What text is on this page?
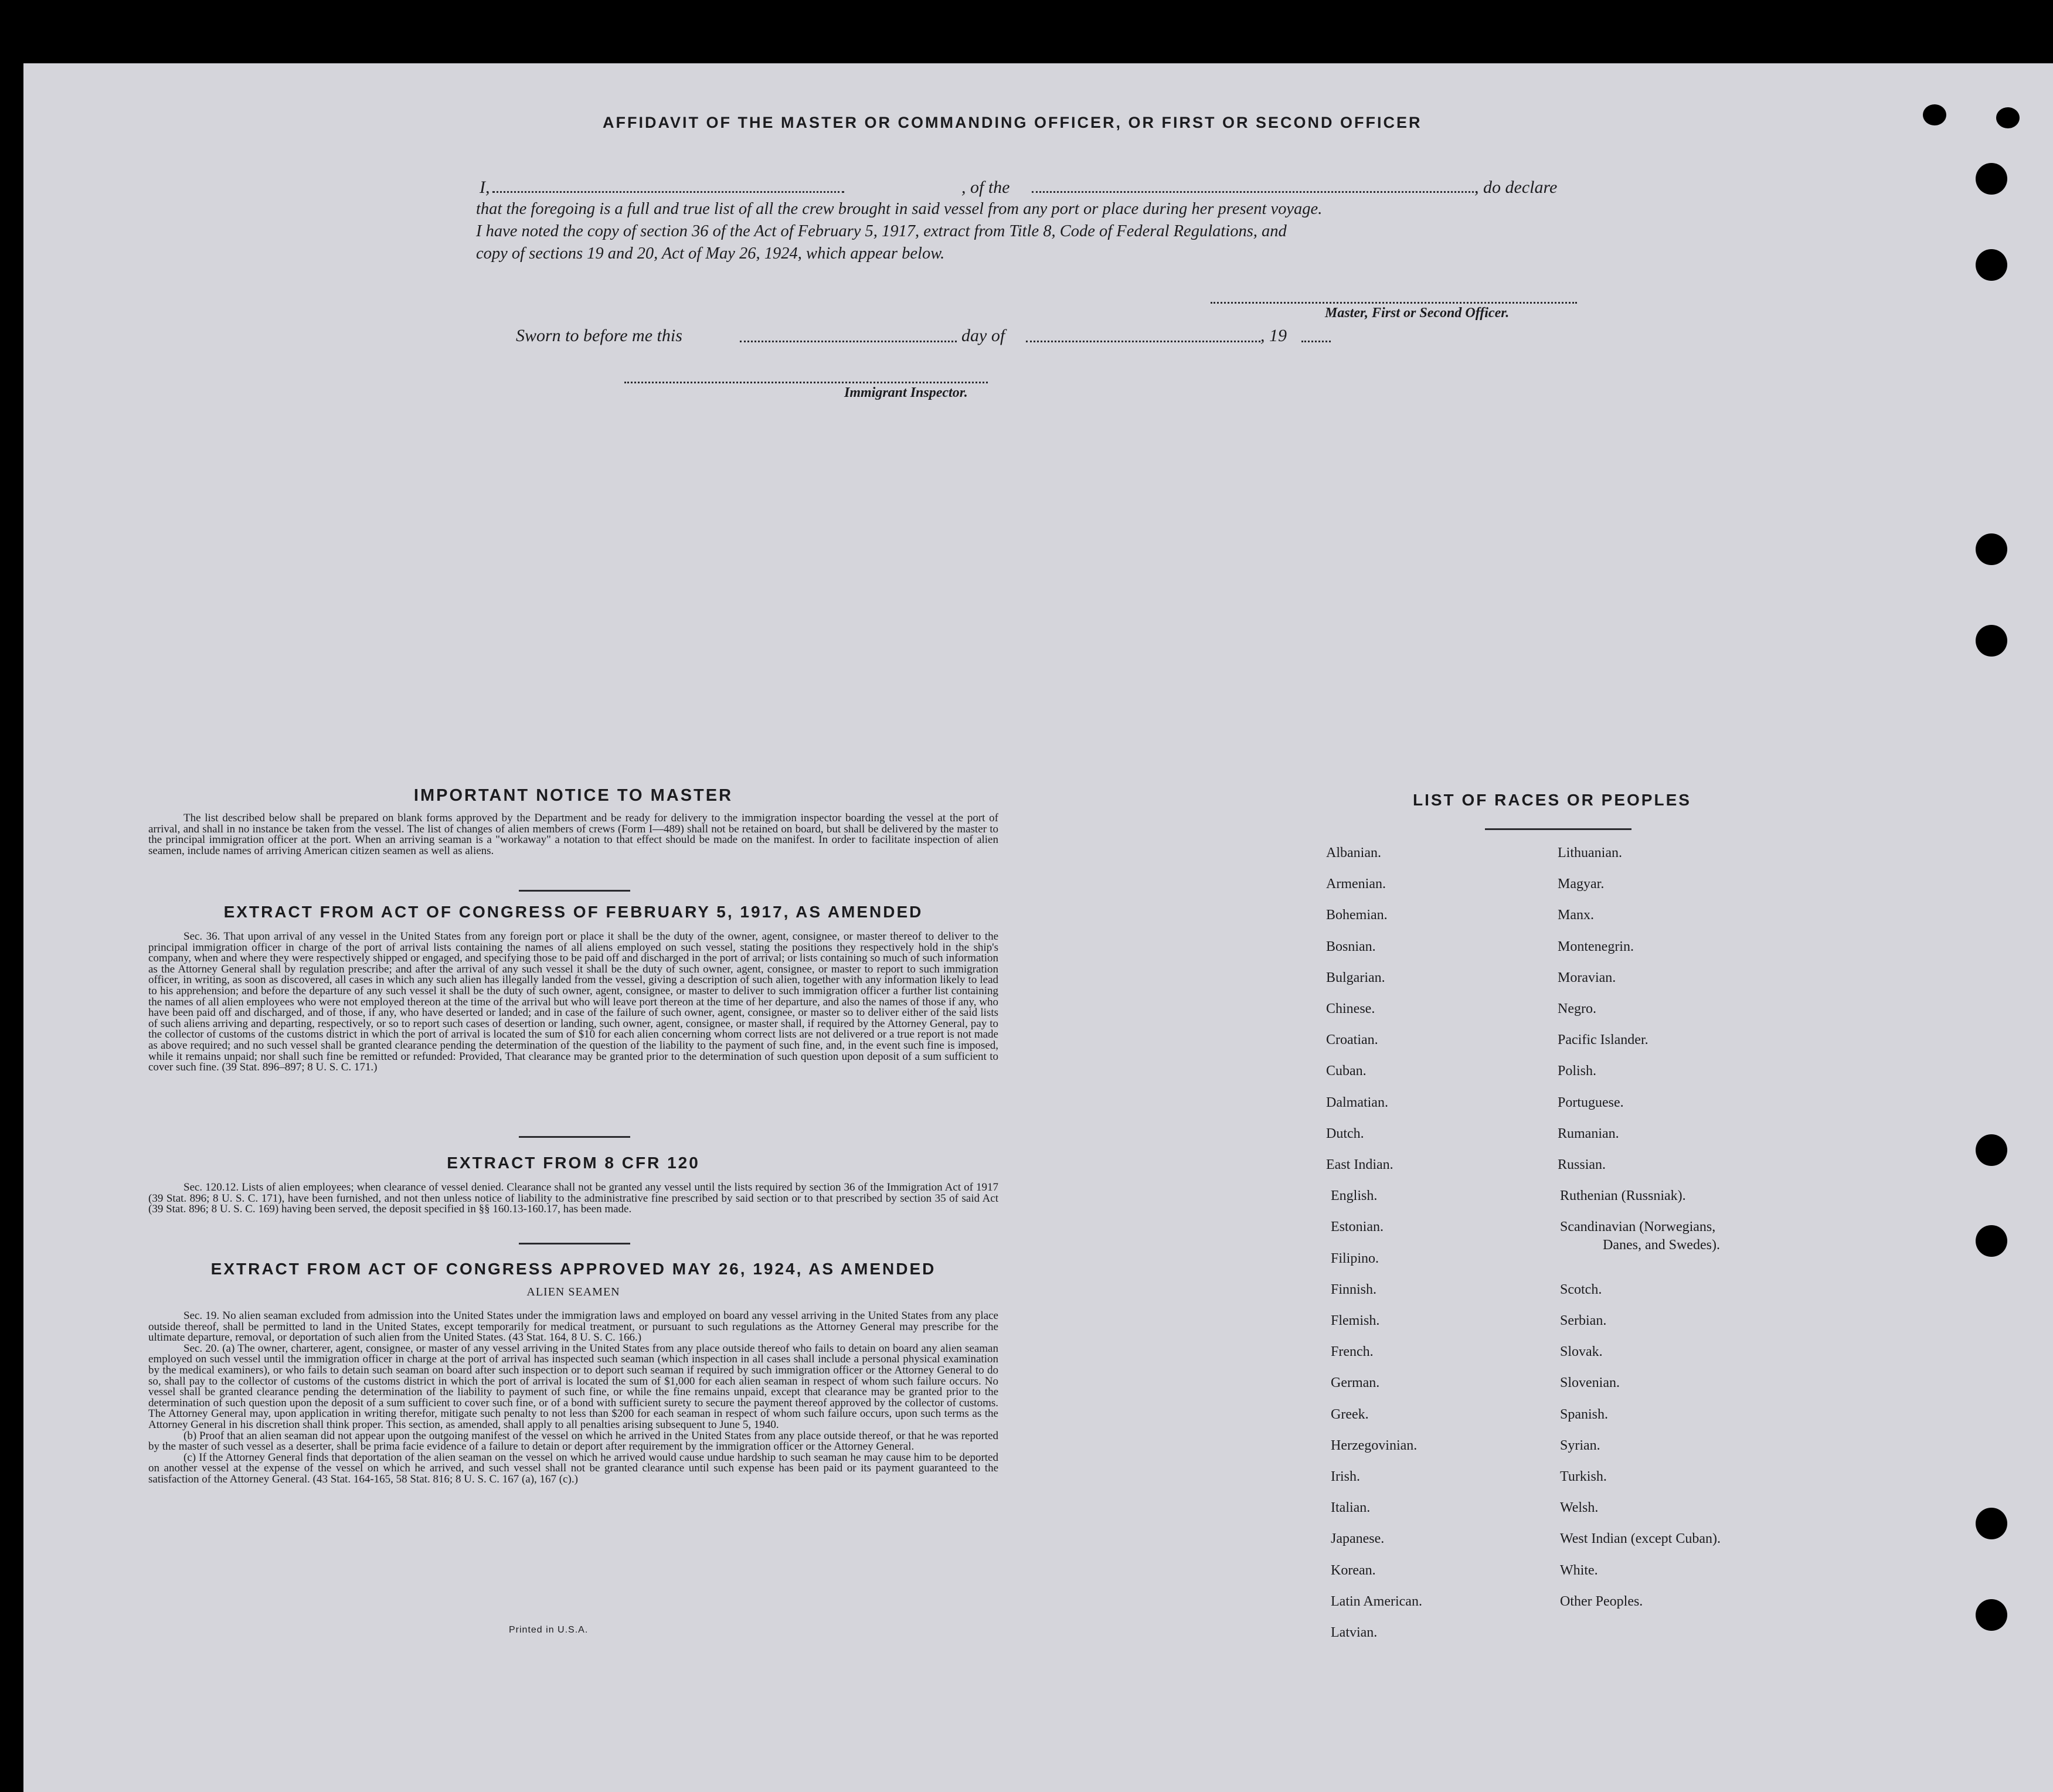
AFFIDAVIT OF THE MASTER OR COMMANDING OFFICER, OR FIRST OR SECOND OFFICER
I,	, of the	, do declare
that the foregoing is a full and true list of all the crew brought in said vessel from any port or place during her present voyage.
I have noted the copy of section 36 of the Act of February 5, 1917, extract from Title 8, Code of Federal Regulations, and
copy of sections 19 and 20, Act of May 26, 1924, which appear below.
Master, First or Second Officer.
Sworn to before me this	day of	, 19
Immigrant Inspector.
IMPORTANT NOTICE TO MASTER

The list described below shall be prepared on blank forms approved by the Department and be ready for delivery to the immigration inspector boarding the vessel at the port of arrival, and shall in no instance be taken from the vessel. The list of changes of alien members of crews (Form I—489) shall not be retained on board, but shall be delivered by the master to the principal immigration officer at the port. When an arriving seaman is a "workaway" a notation to that effect should be made on the manifest. In order to facilitate inspection of alien seamen, include names of arriving American citizen seamen as well as aliens.

EXTRACT FROM ACT OF CONGRESS OF FEBRUARY 5, 1917, AS AMENDED

Sec. 36. That upon arrival of any vessel in the United States from any foreign port or place it shall be the duty of the owner, agent, consignee, or master thereof to deliver to the principal immigration officer in charge of the port of arrival lists containing the names of all aliens employed on such vessel, stating the positions they respectively hold in the ship's company, when and where they were respectively shipped or engaged, and specifying those to be paid off and discharged in the port of arrival; or lists containing so much of such information as the Attorney General shall by regulation prescribe; and after the arrival of any such vessel it shall be the duty of such owner, agent, consignee, or master to report to such immigration officer, in writing, as soon as discovered, all cases in which any such alien has illegally landed from the vessel, giving a description of such alien, together with any information likely to lead to his apprehension; and before the departure of any such vessel it shall be the duty of such owner, agent, consignee, or master to deliver to such immigration officer a further list containing the names of all alien employees who were not employed thereon at the time of the arrival but who will leave port thereon at the time of her departure, and also the names of those if any, who have been paid off and discharged, and of those, if any, who have deserted or landed; and in case of the failure of such owner, agent, consignee, or master so to deliver either of the said lists of such aliens arriving and departing, respectively, or so to report such cases of desertion or landing, such owner, agent, consignee, or master shall, if required by the Attorney General, pay to the collector of customs of the customs district in which the port of arrival is located the sum of $10 for each alien concerning whom correct lists are not delivered or a true report is not made as above required; and no such vessel shall be granted clearance pending the determination of the question of the liability to the payment of such fine, and, in the event such fine is imposed, while it remains unpaid; nor shall such fine be remitted or refunded: Provided, That clearance may be granted prior to the determination of such question upon deposit of a sum sufficient to cover such fine. (39 Stat. 896–897; 8 U. S. C. 171.)

EXTRACT FROM 8 CFR 120

Sec. 120.12. Lists of alien employees; when clearance of vessel denied. Clearance shall not be granted any vessel until the lists required by section 36 of the Immigration Act of 1917 (39 Stat. 896; 8 U. S. C. 171), have been furnished, and not then unless notice of liability to the administrative fine prescribed by said section or to that prescribed by section 35 of said Act (39 Stat. 896; 8 U. S. C. 169) having been served, the deposit specified in §§ 160.13-160.17, has been made.

EXTRACT FROM ACT OF CONGRESS APPROVED MAY 26, 1924, AS AMENDED
ALIEN SEAMEN

Sec. 19. No alien seaman excluded from admission into the United States under the immigration laws and employed on board any vessel arriving in the United States from any place outside thereof, shall be permitted to land in the United States, except temporarily for medical treatment, or pursuant to such regulations as the Attorney General may prescribe for the ultimate departure, removal, or deportation of such alien from the United States. (43 Stat. 164, 8 U. S. C. 166.)

Sec. 20. (a) The owner, charterer, agent, consignee, or master of any vessel arriving in the United States from any place outside thereof who fails to detain on board any alien seaman employed on such vessel until the immigration officer in charge at the port of arrival has inspected such seaman (which inspection in all cases shall include a personal physical examination by the medical examiners), or who fails to detain such seaman on board after such inspection or to deport such seaman if required by such immigration officer or the Attorney General to do so, shall pay to the collector of customs of the customs district in which the port of arrival is located the sum of $1,000 for each alien seaman in respect of whom such failure occurs. No vessel shall be granted clearance pending the determination of the liability to payment of such fine, or while the fine remains unpaid, except that clearance may be granted prior to the determination of such question upon the deposit of a sum sufficient to cover such fine, or of a bond with sufficient surety to secure the payment thereof approved by the collector of customs. The Attorney General may, upon application in writing therefor, mitigate such penalty to not less than $200 for each seaman in respect of whom such failure occurs, upon such terms as the Attorney General in his discretion shall think proper. This section, as amended, shall apply to all penalties arising subsequent to June 5, 1940.

(b) Proof that an alien seaman did not appear upon the outgoing manifest of the vessel on which he arrived in the United States from any place outside thereof, or that he was reported by the master of such vessel as a deserter, shall be prima facie evidence of a failure to detain or deport after requirement by the immigration officer or the Attorney General.

(c) If the Attorney General finds that deportation of the alien seaman on the vessel on which he arrived would cause undue hardship to such seaman he may cause him to be deported on another vessel at the expense of the vessel on which he arrived, and such vessel shall not be granted clearance until such expense has been paid or its payment guaranteed to the satisfaction of the Attorney General. (43 Stat. 164-165, 58 Stat. 816; 8 U. S. C. 167 (a), 167 (c).)

Printed in U.S.A.
LIST OF RACES OR PEOPLES
Albanian.
Armenian.
Bohemian.
Bosnian.
Bulgarian.
Chinese.
Croatian.
Cuban.
Dalmatian.
Dutch.
East Indian.
English.
Estonian.
Filipino.
Finnish.
Flemish.
French.
German.
Greek.
Herzegovinian.
Irish.
Italian.
Japanese.
Korean.
Latin American.
Latvian.
Lithuanian.
Magyar.
Manx.
Montenegrin.
Moravian.
Negro.
Pacific Islander.
Polish.
Portuguese.
Rumanian.
Russian.
Ruthenian (Russniak).
Scandinavian (Norwegians,
Scotch.
Serbian.
Slovak.
Slovenian.
Spanish.
Syrian.
Turkish.
Welsh.
West Indian (except Cuban).
White.
Other Peoples.
Danes, and Swedes).
